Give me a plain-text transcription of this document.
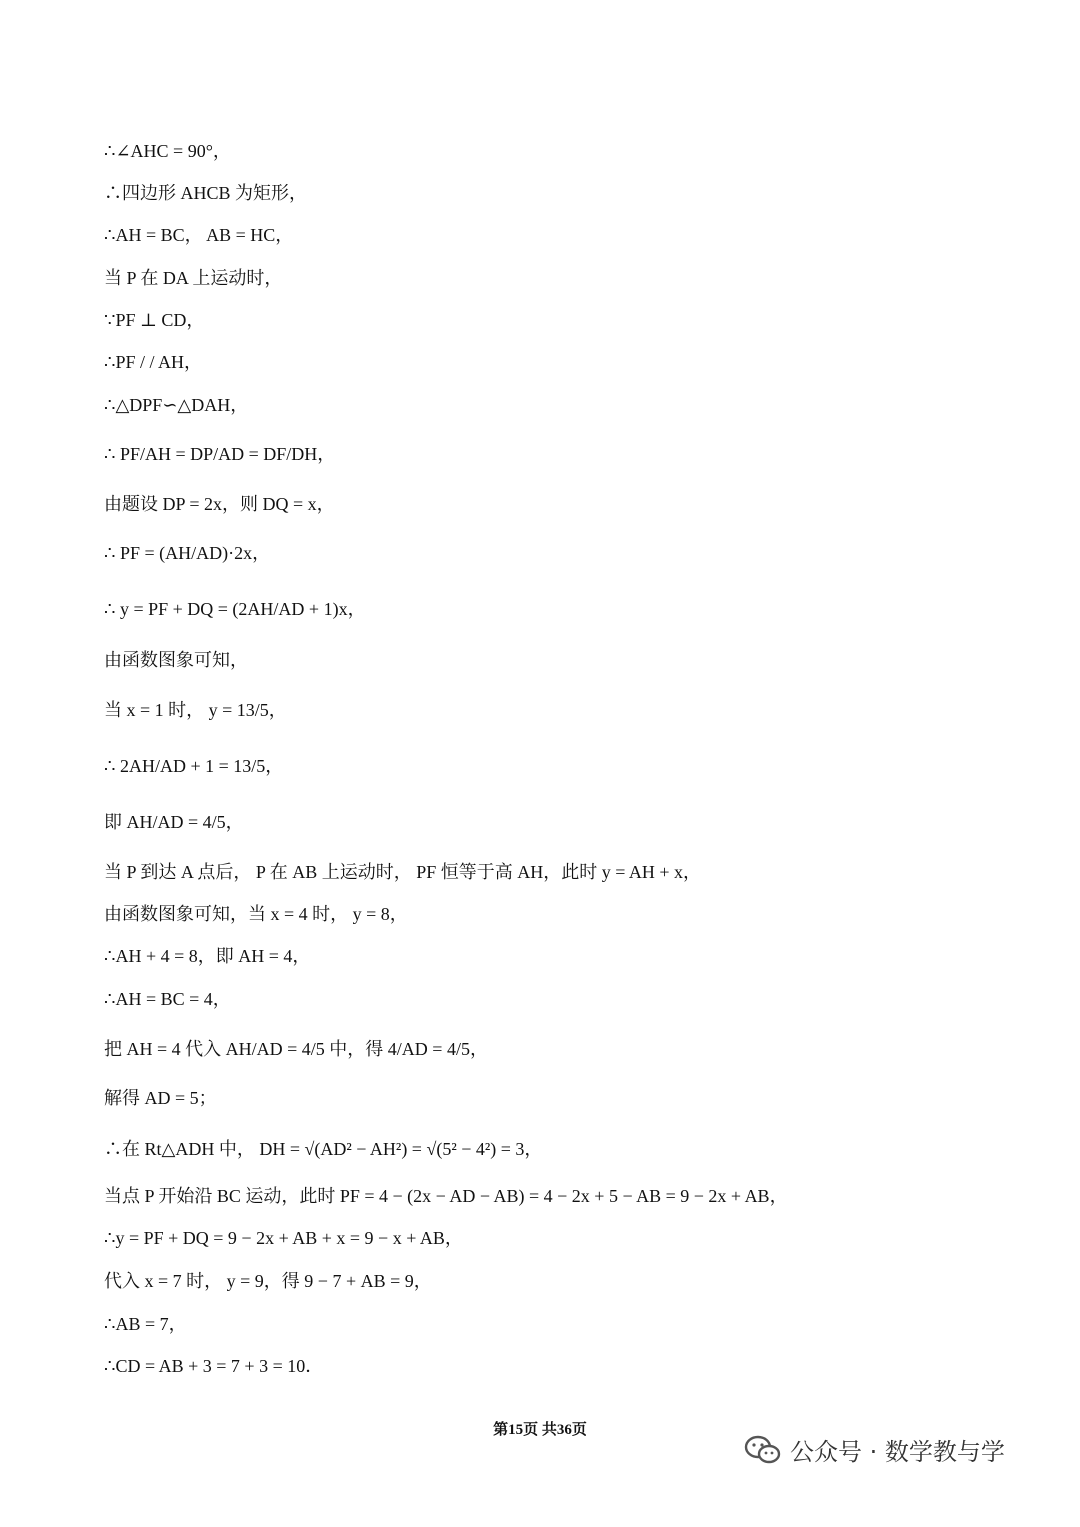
∴∠AHC = 90°，
∴四边形 AHCB 为矩形，
∴AH = BC， AB = HC，
当 P 在 DA 上运动时，
∵PF ⊥ CD，
∴PF / / AH，
∴△DPF∽△DAH，
∴ PF/AH = DP/AD = DF/DH，
由题设 DP = 2x，则 DQ = x，
∴ PF = (AH/AD)·2x，
∴ y = PF + DQ = (2AH/AD + 1)x，
由函数图象可知，
当 x = 1 时， y = 13/5，
∴ 2AH/AD + 1 = 13/5，
即 AH/AD = 4/5，
当 P 到达 A 点后， P 在 AB 上运动时， PF 恒等于高 AH，此时 y = AH + x，
由函数图象可知，当 x = 4 时， y = 8，
∴AH + 4 = 8，即 AH = 4，
∴AH = BC = 4，
把 AH = 4 代入 AH/AD = 4/5 中，得 4/AD = 4/5，
解得 AD = 5；
∴在 Rt△ADH 中， DH = √(AD² − AH²) = √(5² − 4²) = 3，
当点 P 开始沿 BC 运动，此时 PF = 4 − (2x − AD − AB) = 4 − 2x + 5 − AB = 9 − 2x + AB，
∴y = PF + DQ = 9 − 2x + AB + x = 9 − x + AB，
代入 x = 7 时， y = 9，得 9 − 7 + AB = 9，
∴AB = 7，
∴CD = AB + 3 = 7 + 3 = 10．
第15页 共36页
公众号 · 数学教与学
